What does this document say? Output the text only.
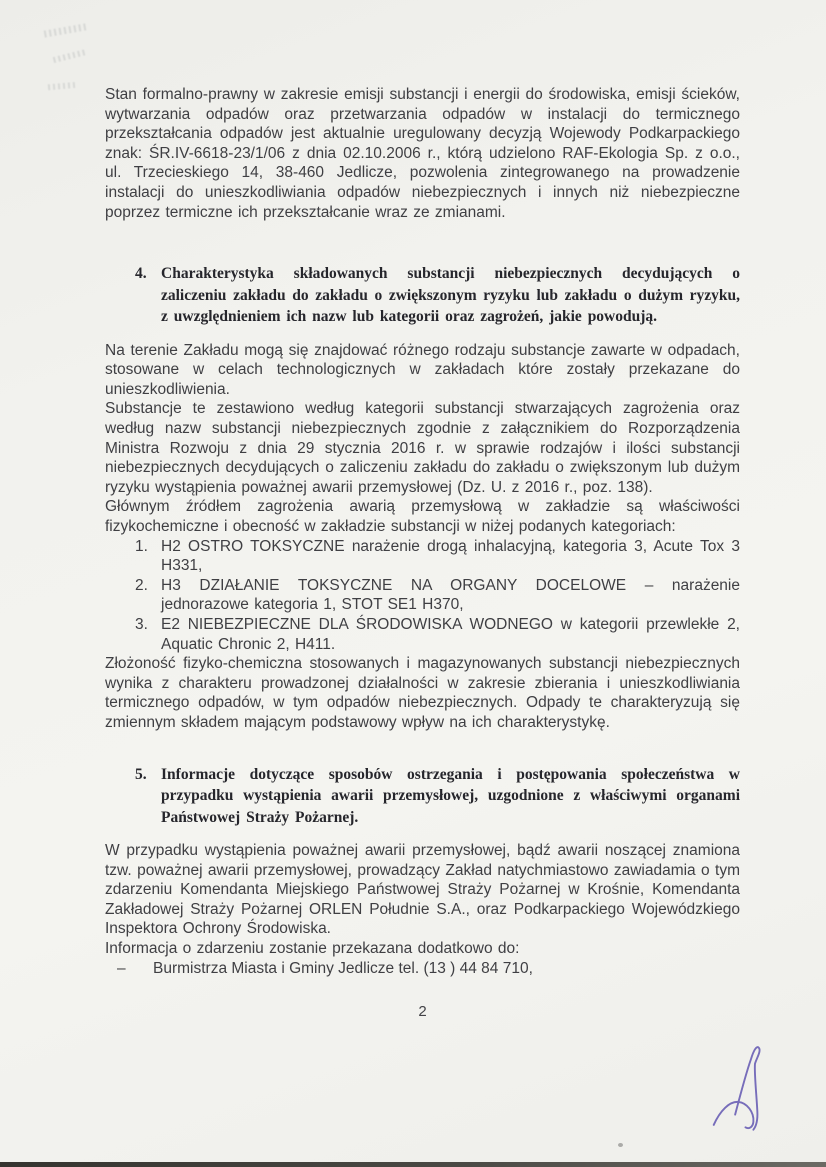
Stan formalno-prawny w zakresie emisji substancji i energii do środowiska, emisji ścieków, wytwarzania odpadów oraz przetwarzania odpadów w instalacji do termicznego przekształcania odpadów jest aktualnie uregulowany decyzją Wojewody Podkarpackiego znak: ŚR.IV-6618-23/1/06 z dnia 02.10.2006 r., którą udzielono RAF-Ekologia Sp. z o.o., ul. Trzecieskiego 14, 38-460 Jedlicze, pozwolenia zintegrowanego na prowadzenie instalacji do unieszkodliwiania odpadów niebezpiecznych i innych niż niebezpieczne poprzez termiczne ich przekształcanie wraz ze zmianami.

4. Charakterystyka składowanych substancji niebezpiecznych decydujących o zaliczeniu zakładu do zakładu o zwiększonym ryzyku lub zakładu o dużym ryzyku, z uwzględnieniem ich nazw lub kategorii oraz zagrożeń, jakie powodują.

Na terenie Zakładu mogą się znajdować różnego rodzaju substancje zawarte w odpadach, stosowane w celach technologicznych w zakładach które zostały przekazane do unieszkodliwienia.

Substancje te zestawiono według kategorii substancji stwarzających zagrożenia oraz według nazw substancji niebezpiecznych zgodnie z załącznikiem do Rozporządzenia Ministra Rozwoju z dnia 29 stycznia 2016 r. w sprawie rodzajów i ilości substancji niebezpiecznych decydujących o zaliczeniu zakładu do zakładu o zwiększonym lub dużym ryzyku wystąpienia poważnej awarii przemysłowej (Dz. U. z 2016 r., poz. 138).

Głównym źródłem zagrożenia awarią przemysłową w zakładzie są właściwości fizykochemiczne i obecność w zakładzie substancji w niżej podanych kategoriach:

1. H2 OSTRO TOKSYCZNE narażenie drogą inhalacyjną, kategoria 3, Acute Tox 3 H331,
2. H3 DZIAŁANIE TOKSYCZNE NA ORGANY DOCELOWE – narażenie jednorazowe kategoria 1, STOT SE1 H370,
3. E2 NIEBEZPIECZNE DLA ŚRODOWISKA WODNEGO w kategorii przewlekłe 2, Aquatic Chronic 2, H411.

Złożoność fizyko-chemiczna stosowanych i magazynowanych substancji niebezpiecznych wynika z charakteru prowadzonej działalności w zakresie zbierania i unieszkodliwiania termicznego odpadów, w tym odpadów niebezpiecznych. Odpady te charakteryzują się zmiennym składem mającym podstawowy wpływ na ich charakterystykę.

5. Informacje dotyczące sposobów ostrzegania i postępowania społeczeństwa w przypadku wystąpienia awarii przemysłowej, uzgodnione z właściwymi organami Państwowej Straży Pożarnej.

W przypadku wystąpienia poważnej awarii przemysłowej, bądź awarii noszącej znamiona tzw. poważnej awarii przemysłowej, prowadzący Zakład natychmiastowo zawiadamia o tym zdarzeniu Komendanta Miejskiego Państwowej Straży Pożarnej w Krośnie, Komendanta Zakładowej Straży Pożarnej ORLEN Południe S.A., oraz Podkarpackiego Wojewódzkiego Inspektora Ochrony Środowiska.

Informacja o zdarzeniu zostanie przekazana dodatkowo do:

–	Burmistrza Miasta i Gminy Jedlicze tel. (13 ) 44 84 710,
2
